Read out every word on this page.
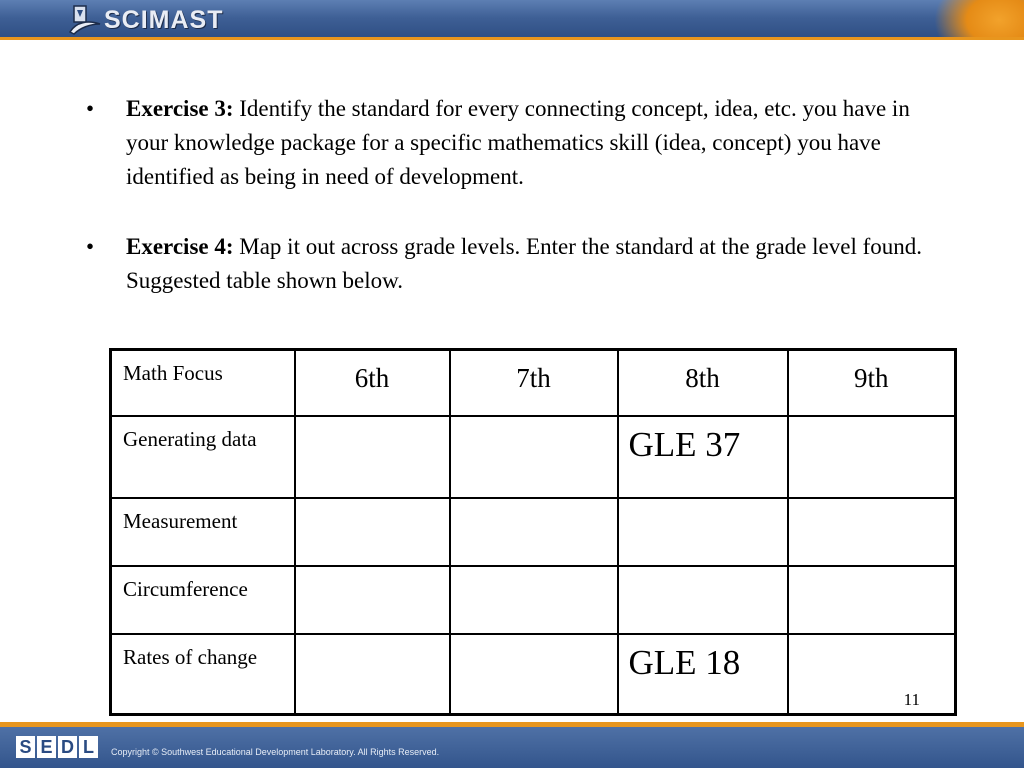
SCIMAST
• Exercise 3: Identify the standard for every connecting concept, idea, etc. you have in your knowledge package for a specific mathematics skill (idea, concept) you have identified as being in need of development.
• Exercise 4: Map it out across grade levels. Enter the standard at the grade level found. Suggested table shown below.
Math Focus	6th	7th	8th	9th
Generating data			GLE 37	
Measurement				
Circumference				
Rates of change			GLE 18	
11
S E D L	Copyright © Southwest Educational Development Laboratory. All Rights Reserved.
